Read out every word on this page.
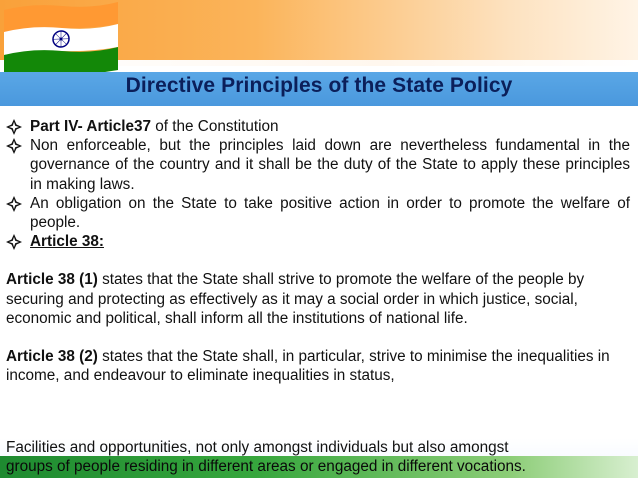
Directive Principles of the State Policy

Part IV- Article37 of the Constitution

Non enforceable, but the principles laid down are nevertheless fundamental in the governance of the country and it shall be the duty of the State to apply these principles in making laws.

An obligation on the State to take positive action in order to promote the welfare of people.

Article 38:

Article 38 (1) states that the State shall strive to promote the welfare of the people by securing and protecting as effectively as it may a social order in which justice, social, economic and political, shall inform all the institutions of national life.

Article 38 (2) states that the State shall, in particular, strive to minimise the inequalities in income, and endeavour to eliminate inequalities in status,

Facilities and opportunities, not only amongst individuals but also amongst
groups of people residing in different areas or engaged in different vocations.
